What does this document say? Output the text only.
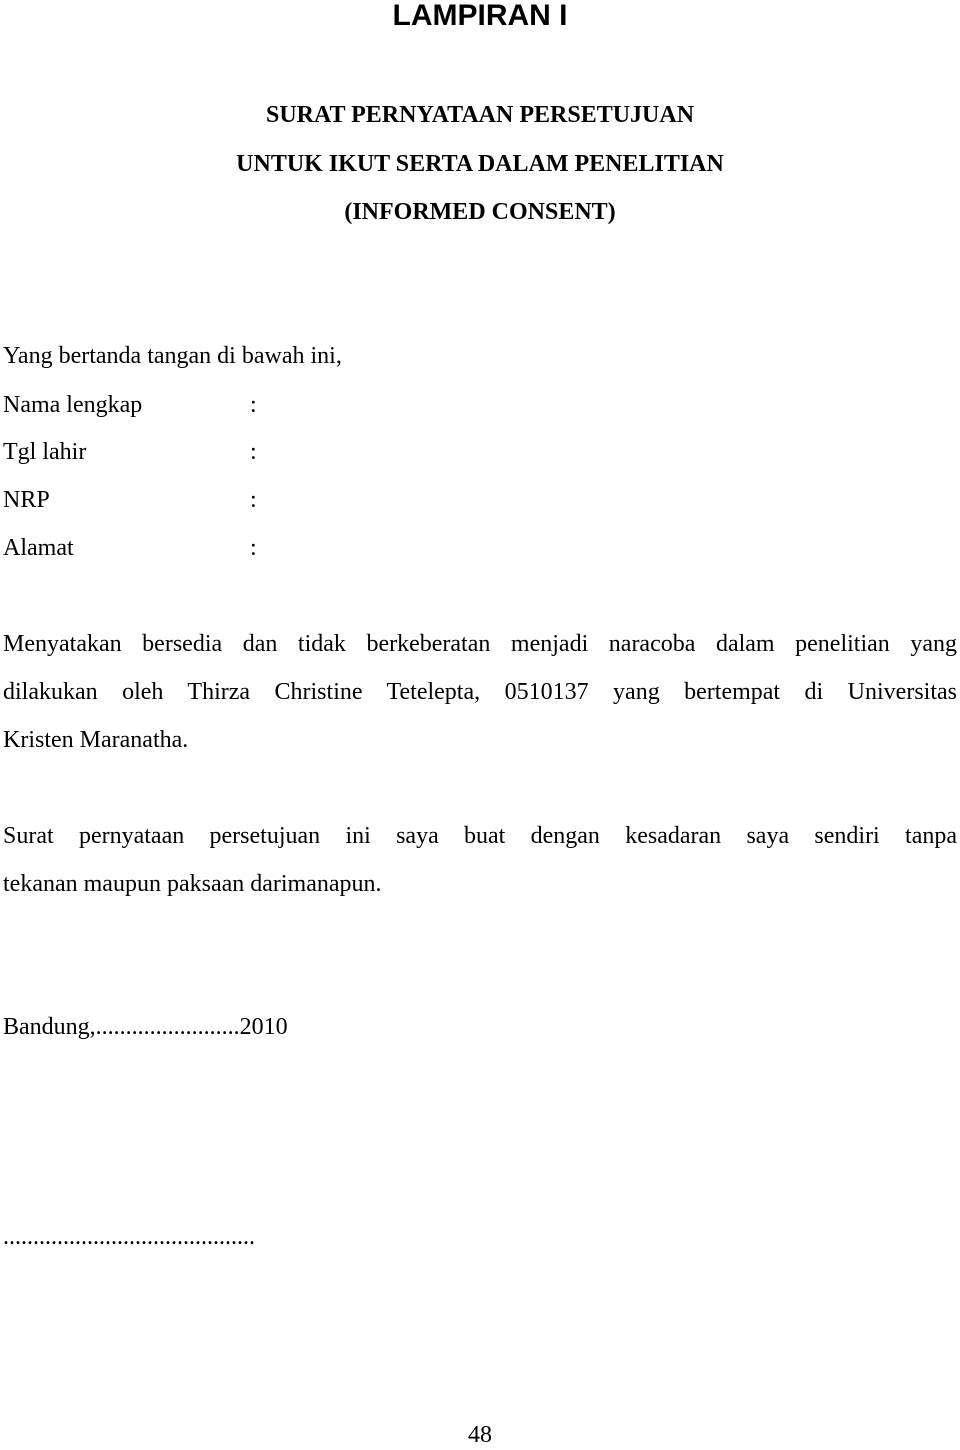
LAMPIRAN I
SURAT PERNYATAAN PERSETUJUAN
UNTUK IKUT SERTA DALAM PENELITIAN
(INFORMED CONSENT)
Yang bertanda tangan di bawah ini,
Nama lengkap	:
Tgl lahir	:
NRP	:
Alamat	:
Menyatakan bersedia dan tidak berkeberatan menjadi naracoba dalam penelitian yang
dilakukan oleh Thirza Christine Tetelepta, 0510137 yang bertempat di Universitas
Kristen Maranatha.
Surat pernyataan persetujuan ini saya buat dengan kesadaran saya sendiri tanpa
tekanan maupun paksaan darimanapun.
Bandung,........................2010
..........................................
48
